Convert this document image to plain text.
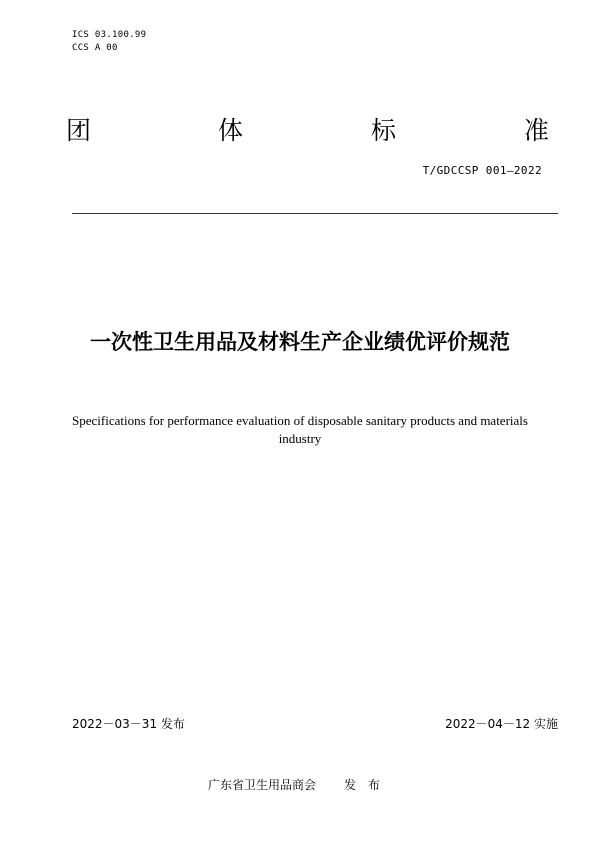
ICS 03.100.99
CCS A 00
团	体	标	准
T/GDCCSP 001—2022
一次性卫生用品及材料生产企业绩优评价规范
Specifications for performance evaluation of disposable sanitary products and materials industry
2022－03－31 发布	2022－04－12 实施
广东省卫生用品商会 发布
